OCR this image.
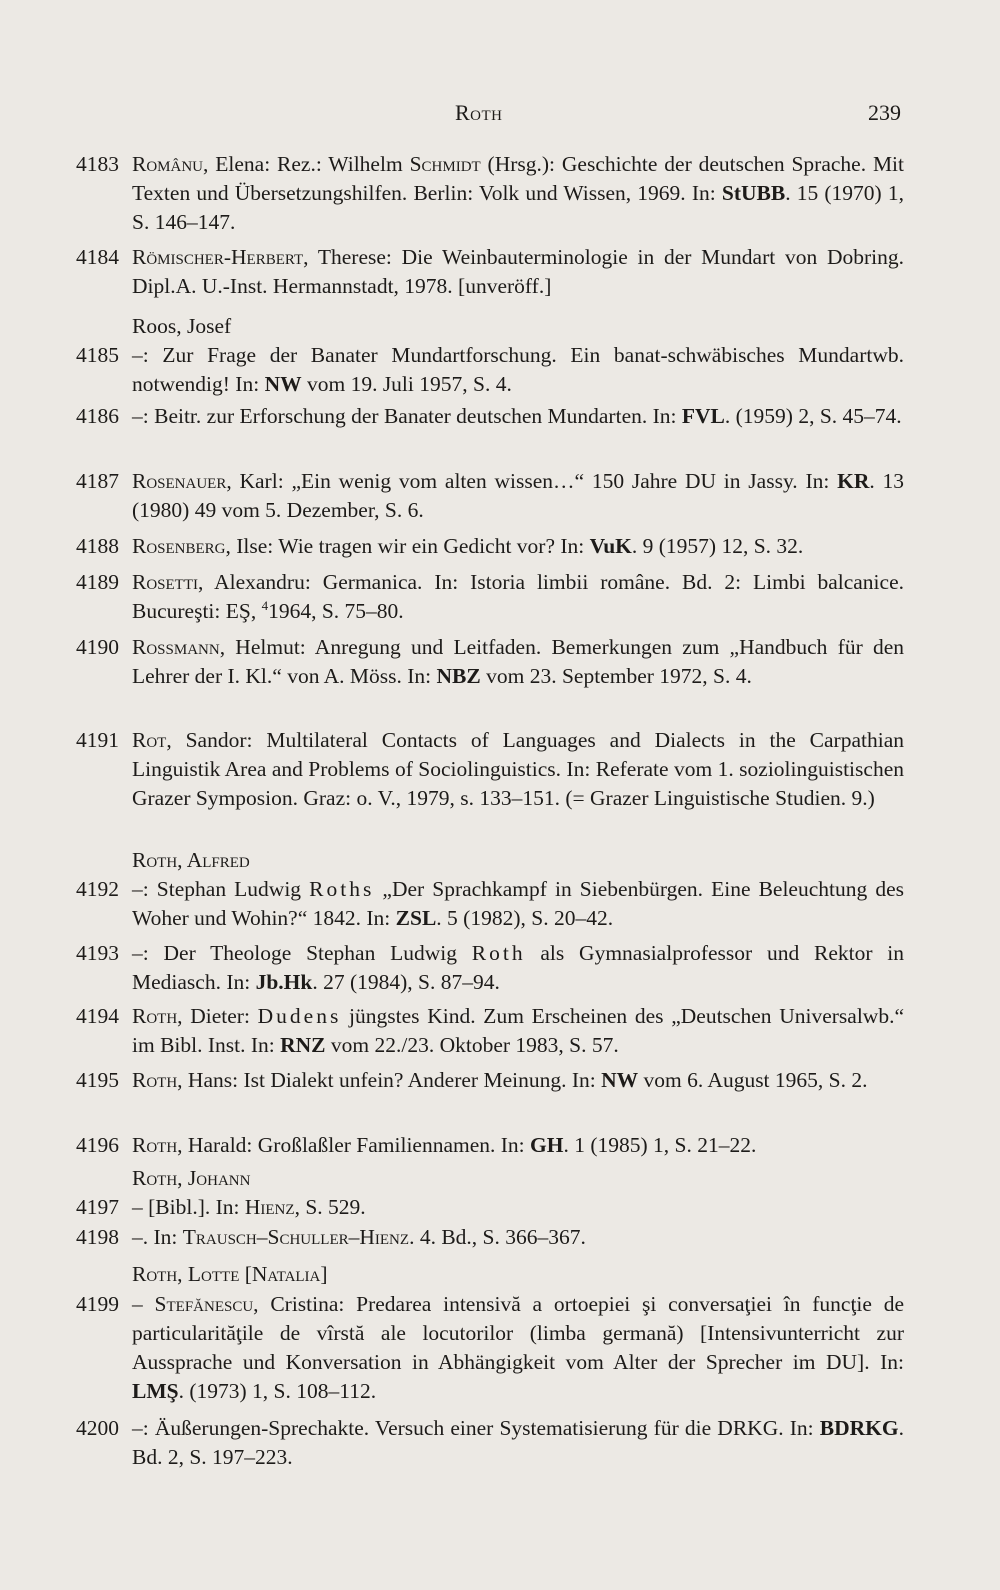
Roth	239
4183 Românu, Elena: Rez.: Wilhelm Schmidt (Hrsg.): Geschichte der deutschen Sprache. Mit Texten und Übersetzungshilfen. Berlin: Volk und Wissen, 1969. In: StUBB. 15 (1970) 1, S. 146–147.
4184 Römischer-Herbert, Therese: Die Weinbauterminologie in der Mundart von Dobring. Dipl.A. U.-Inst. Hermannstadt, 1978. [unveröff.]
Roos, Josef
4185 –: Zur Frage der Banater Mundartforschung. Ein banat-schwäbisches Mundartwb. notwendig! In: NW vom 19. Juli 1957, S. 4.
4186 –: Beitr. zur Erforschung der Banater deutschen Mundarten. In: FVL. (1959) 2, S. 45–74.
4187 Rosenauer, Karl: „Ein wenig vom alten wissen…“ 150 Jahre DU in Jassy. In: KR. 13 (1980) 49 vom 5. Dezember, S. 6.
4188 Rosenberg, Ilse: Wie tragen wir ein Gedicht vor? In: VuK. 9 (1957) 12, S. 32.
4189 Rosetti, Alexandru: Germanica. In: Istoria limbii române. Bd. 2: Limbi balcanice. Bucureşti: EŞ, $^4$1964, S. 75–80.
4190 Rossmann, Helmut: Anregung und Leitfaden. Bemerkungen zum „Handbuch für den Lehrer der I. Kl.“ von A. Möss. In: NBZ vom 23. September 1972, S. 4.
4191 Rot, Sandor: Multilateral Contacts of Languages and Dialects in the Carpathian Linguistik Area and Problems of Sociolinguistics. In: Referate vom 1. soziolinguistischen Grazer Symposion. Graz: o. V., 1979, s. 133–151. (= Grazer Linguistische Studien. 9.)
Roth, Alfred
4192 –: Stephan Ludwig Roths „Der Sprachkampf in Siebenbürgen. Eine Beleuchtung des Woher und Wohin?“ 1842. In: ZSL. 5 (1982), S. 20–42.
4193 –: Der Theologe Stephan Ludwig Roth als Gymnasialprofessor und Rektor in Mediasch. In: Jb.Hk. 27 (1984), S. 87–94.
4194 Roth, Dieter: Dudens jüngstes Kind. Zum Erscheinen des „Deutschen Universalwb.“ im Bibl. Inst. In: RNZ vom 22./23. Oktober 1983, S. 57.
4195 Roth, Hans: Ist Dialekt unfein? Anderer Meinung. In: NW vom 6. August 1965, S. 2.
4196 Roth, Harald: Großlaßler Familiennamen. In: GH. 1 (1985) 1, S. 21–22.
Roth, Johann
4197 – [Bibl.]. In: Hienz, S. 529.
4198 –. In: Trausch–Schuller–Hienz. 4. Bd., S. 366–367.
Roth, Lotte [Natalia]
4199 – Stefănescu, Cristina: Predarea intensivă a ortoepiei şi conversaţiei în funcţie de particularităţile de vîrstă ale locutorilor (limba germană) [Intensivunterricht zur Aussprache und Konversation in Abhängigkeit vom Alter der Sprecher im DU]. In: LMŞ. (1973) 1, S. 108–112.
4200 –: Äußerungen-Sprechakte. Versuch einer Systematisierung für die DRKG. In: BDRKG. Bd. 2, S. 197–223.
